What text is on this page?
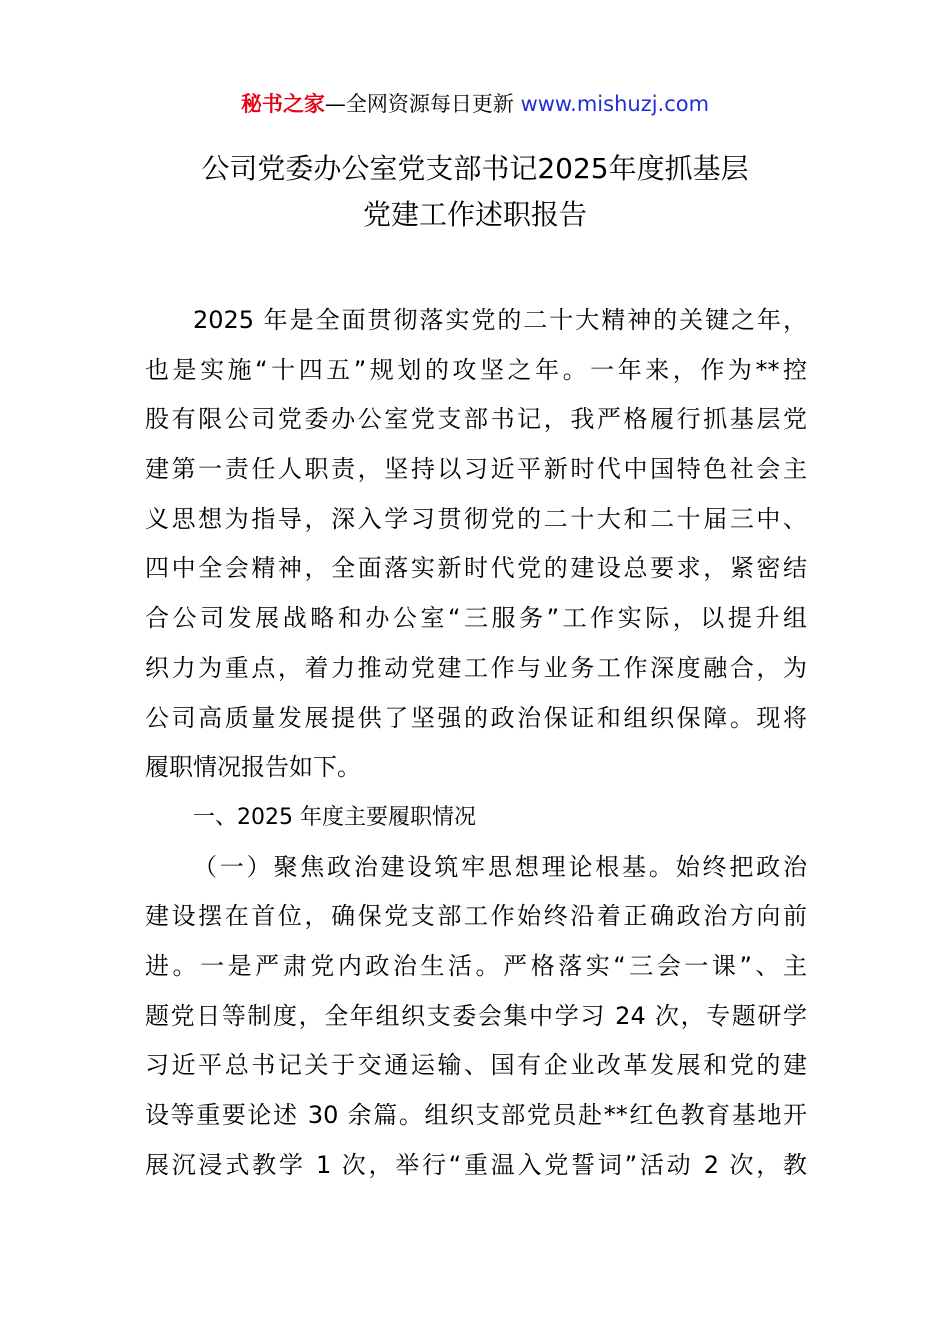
秘书之家—全网资源每日更新 www.mishuzj.com
公司党委办公室党支部书记2025年度抓基层
党建工作述职报告
2025 年是全面贯彻落实党的二十大精神的关键之年，
也是实施“十四五”规划的攻坚之年。一年来，作为**控
股有限公司党委办公室党支部书记，我严格履行抓基层党
建第一责任人职责，坚持以习近平新时代中国特色社会主
义思想为指导，深入学习贯彻党的二十大和二十届三中、
四中全会精神，全面落实新时代党的建设总要求，紧密结
合公司发展战略和办公室“三服务”工作实际，以提升组
织力为重点，着力推动党建工作与业务工作深度融合，为
公司高质量发展提供了坚强的政治保证和组织保障。现将
履职情况报告如下。
一、2025 年度主要履职情况
（一）聚焦政治建设筑牢思想理论根基。始终把政治
建设摆在首位，确保党支部工作始终沿着正确政治方向前
进。一是严肃党内政治生活。严格落实“三会一课”、主
题党日等制度，全年组织支委会集中学习 24 次，专题研学
习近平总书记关于交通运输、国有企业改革发展和党的建
设等重要论述 30 余篇。组织支部党员赴**红色教育基地开
展沉浸式教学 1 次，举行“重温入党誓词”活动 2 次，教
